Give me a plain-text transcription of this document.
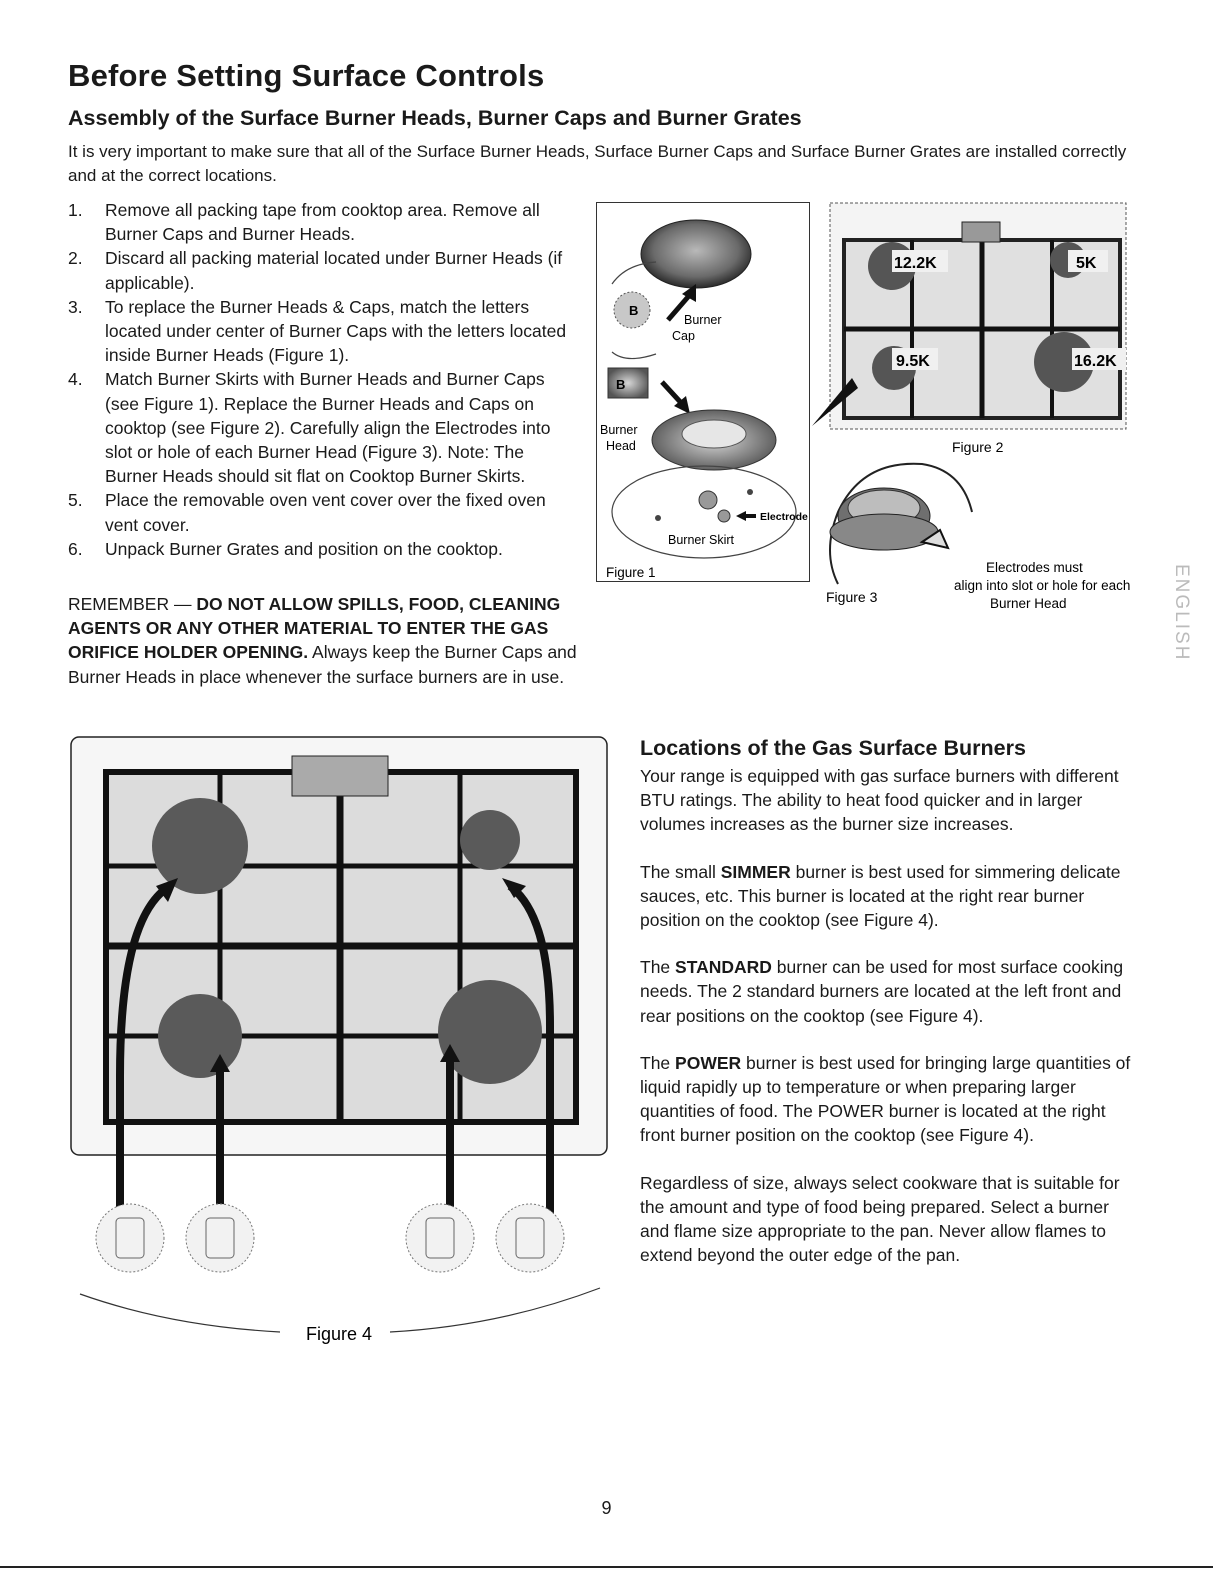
Before Setting Surface Controls
Assembly of the Surface Burner Heads, Burner Caps and Burner Grates
It is very important to make sure that all of the Surface Burner Heads, Surface Burner Caps and Surface Burner Grates are installed correctly and at the correct locations.
1. Remove all packing tape from cooktop area. Remove all Burner Caps and Burner Heads.
2. Discard all packing material located under Burner Heads (if applicable).
3. To replace the Burner Heads & Caps, match the letters located under center of Burner Caps with the letters located inside Burner Heads (Figure 1).
4. Match Burner Skirts with Burner Heads and Burner Caps (see Figure 1). Replace the Burner Heads and Caps on cooktop (see Figure 2). Carefully align the Electrodes into slot or hole of each Burner Head (Figure 3). Note: The Burner Heads should sit flat on Cooktop Burner Skirts.
5. Place the removable oven vent cover over the fixed oven vent cover.
6. Unpack Burner Grates and position on the cooktop.
REMEMBER — DO NOT ALLOW SPILLS, FOOD, CLEANING AGENTS OR ANY OTHER MATERIAL TO ENTER THE GAS ORIFICE HOLDER OPENING. Always keep the Burner Caps and Burner Heads in place whenever the surface burners are in use.
B
Burner
Cap
B
Burner
Head
Electrode
Burner Skirt
Figure 1
12.2K	5K
9.5K	16.2K
Figure 2
Electrodes must
align into slot or hole for each
Burner Head
Figure 3	ENGLISH
Figure 4
Locations of the Gas Surface Burners

Your range is equipped with gas surface burners with different BTU ratings. The ability to heat food quicker and in larger volumes increases as the burner size increases.

The small SIMMER burner is best used for simmering delicate sauces, etc. This burner is located at the right rear burner position on the cooktop (see Figure 4).

The STANDARD burner can be used for most surface cooking needs. The 2 standard burners are located at the left front and rear positions on the cooktop (see Figure 4).

The POWER burner is best used for bringing large quantities of liquid rapidly up to temperature or when preparing larger quantities of food. The POWER burner is located at the right front burner position on the cooktop (see Figure 4).

Regardless of size, always select cookware that is suitable for the amount and type of food being prepared. Select a burner and flame size appropriate to the pan. Never allow flames to extend beyond the outer edge of the pan.

9
